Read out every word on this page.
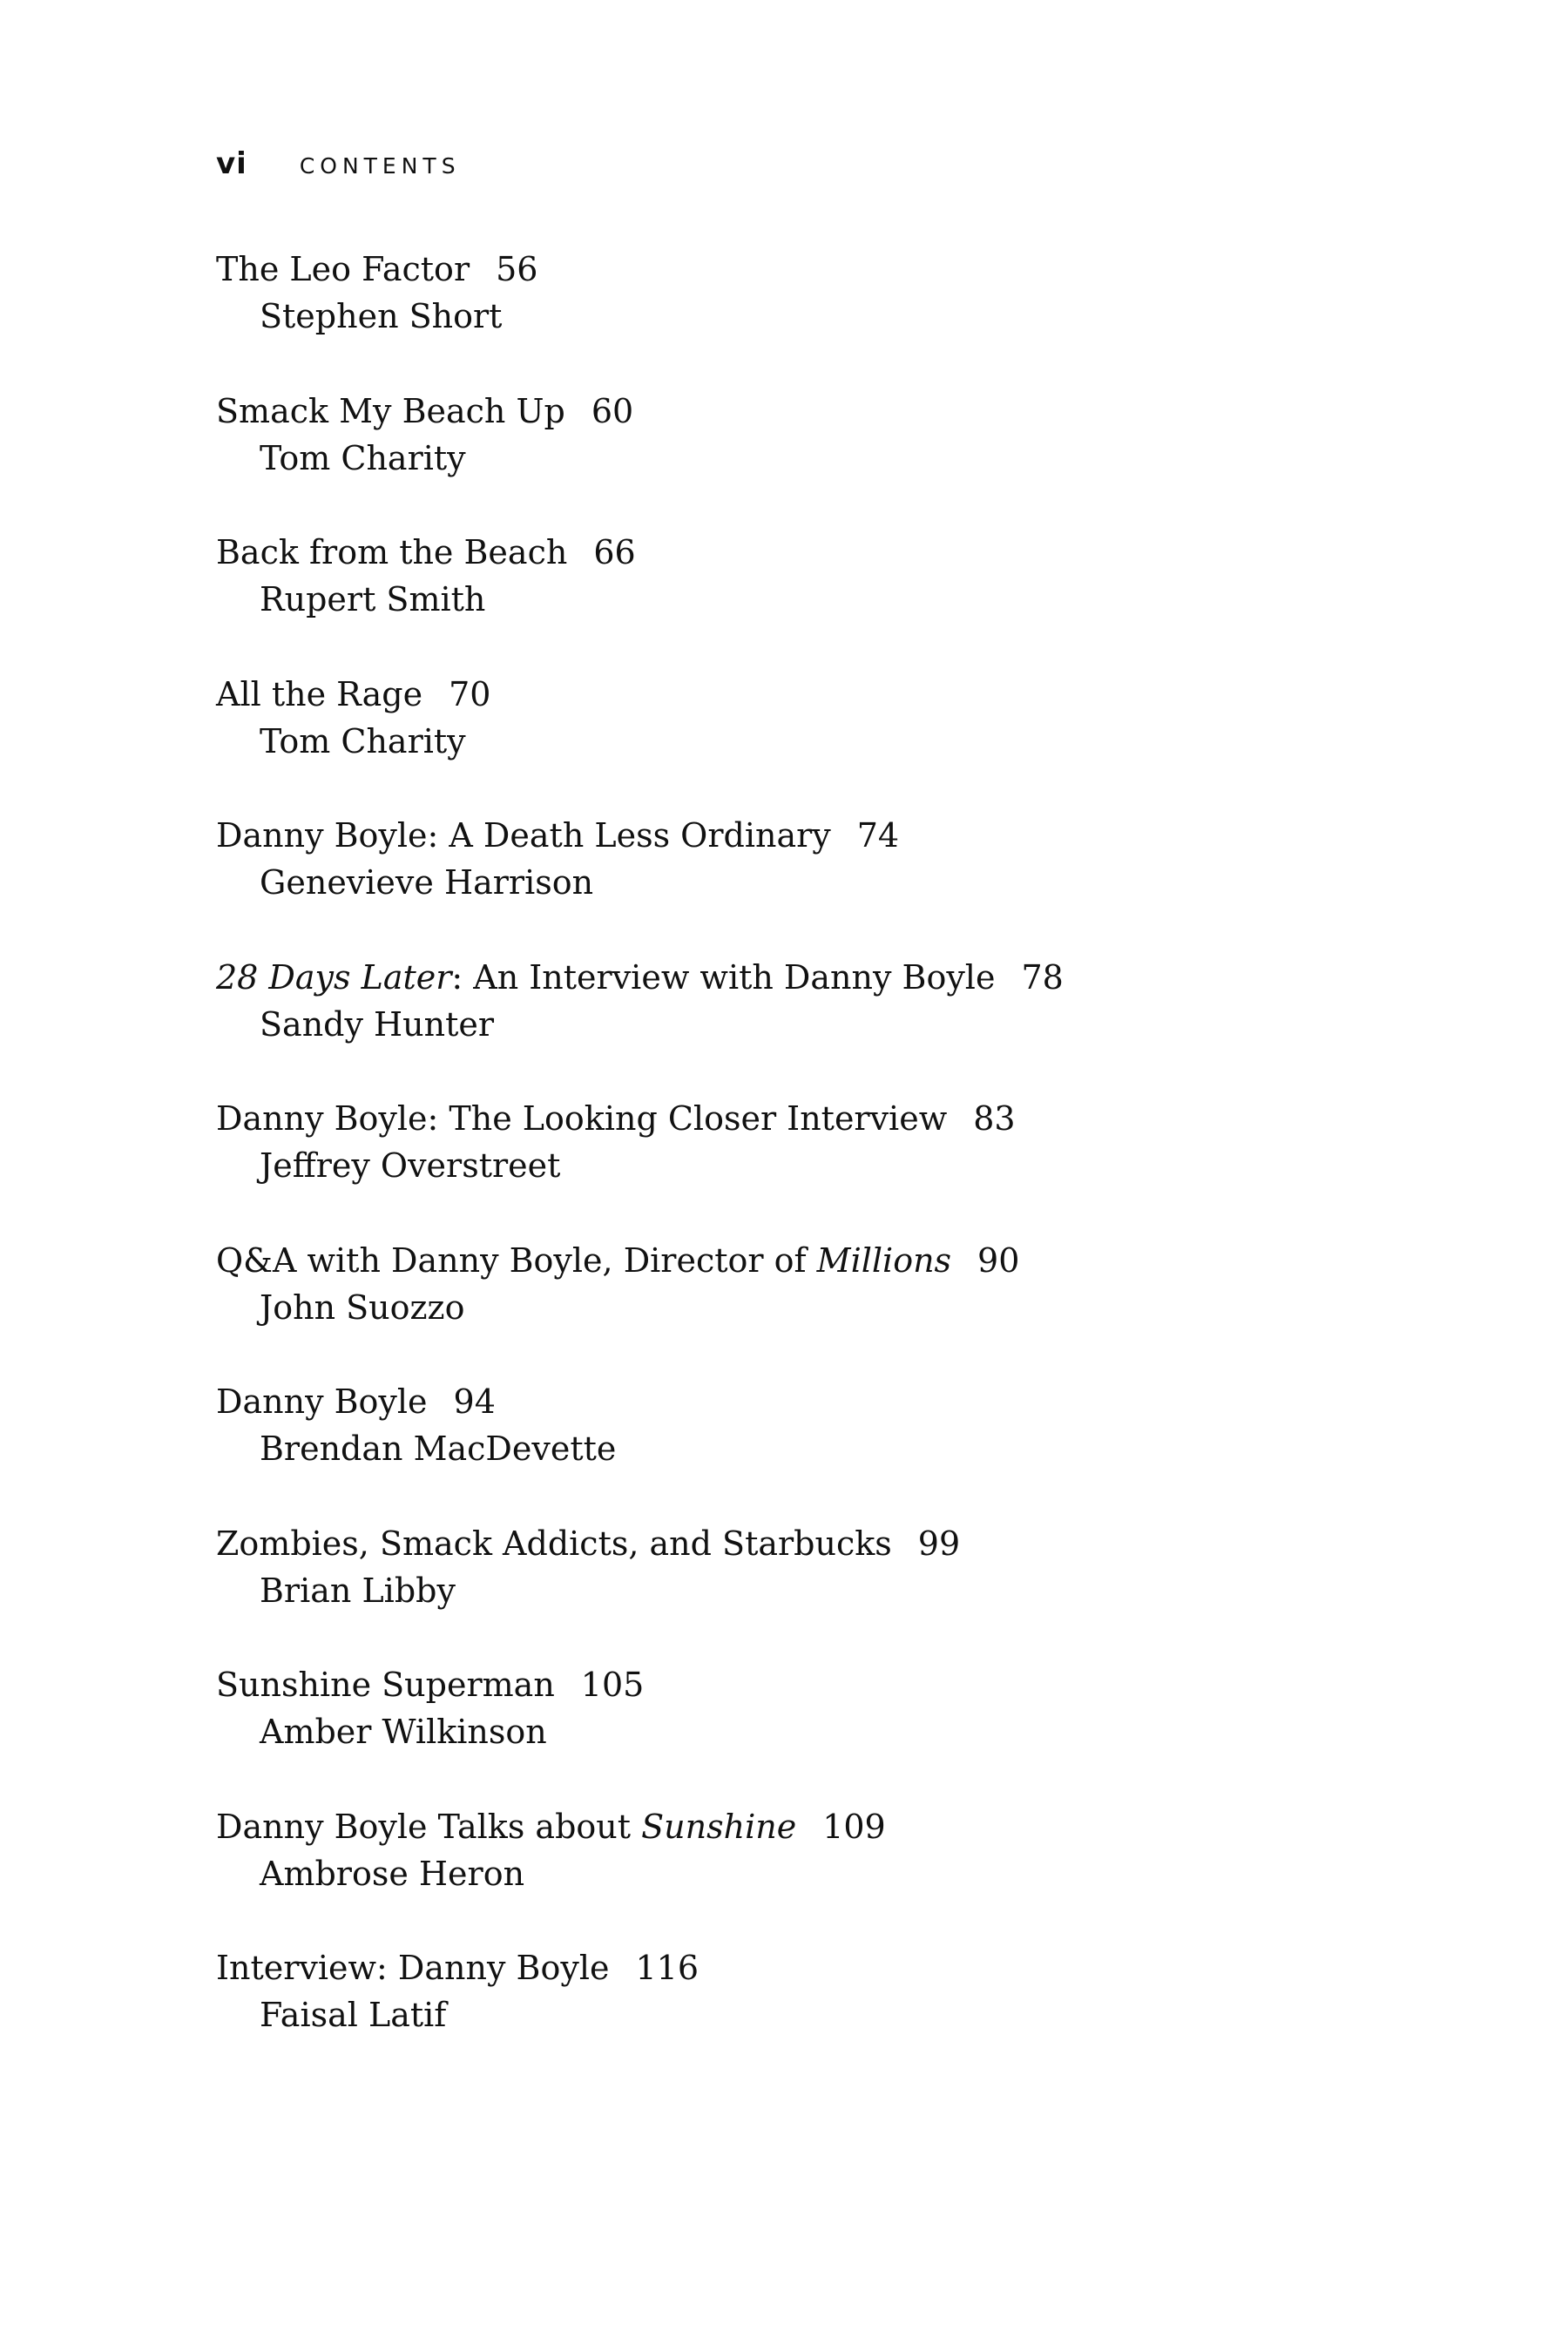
vi CONTENTS
The Leo Factor 56
Stephen Short
Smack My Beach Up 60
Tom Charity
Back from the Beach 66
Rupert Smith
All the Rage 70
Tom Charity
Danny Boyle: A Death Less Ordinary 74
Genevieve Harrison
28 Days Later: An Interview with Danny Boyle 78
Sandy Hunter
Danny Boyle: The Looking Closer Interview 83
Jeffrey Overstreet
Q&A with Danny Boyle, Director of Millions 90
John Suozzo
Danny Boyle 94
Brendan MacDevette
Zombies, Smack Addicts, and Starbucks 99
Brian Libby
Sunshine Superman 105
Amber Wilkinson
Danny Boyle Talks about Sunshine 109
Ambrose Heron
Interview: Danny Boyle 116
Faisal Latif
